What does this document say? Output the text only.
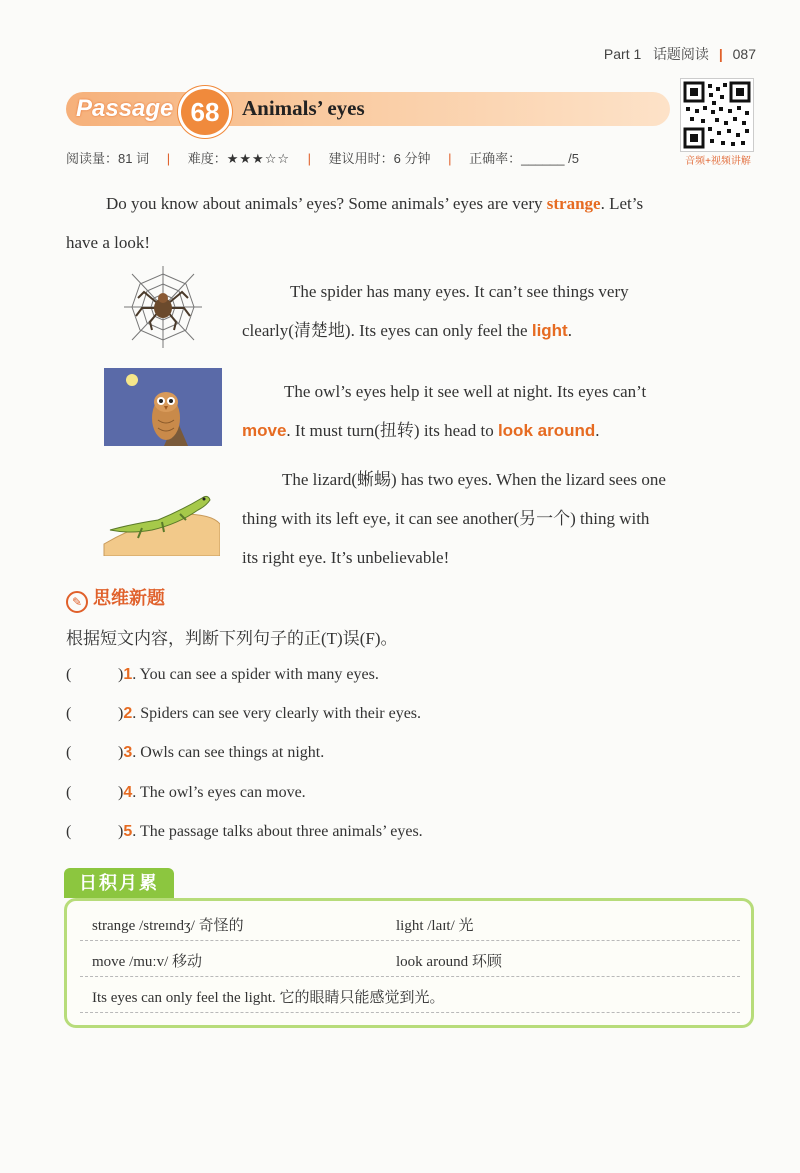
Part 1 话题阅读 | 087
Passage 68	Animals’ eyes
音频+视频讲解
阅读量：81 词 | 难度：★★★☆☆ | 建议用时：6 分钟 | 正确率：______ /5
Do you know about animals’ eyes? Some animals’ eyes are very strange. Let’s
have a look!
The spider has many eyes. It can’t see things very
clearly(清楚地). Its eyes can only feel the light.
The owl’s eyes help it see well at night. Its eyes can’t
move. It must turn(扭转) its head to look around.
The lizard(蜥蜴) has two eyes. When the lizard sees one
thing with its left eye, it can see another(另一个) thing with
its right eye. It’s unbelievable!
✎ 思维新题
根据短文内容，判断下列句子的正(T)误(F)。
(	)1. You can see a spider with many eyes.
(	)2. Spiders can see very clearly with their eyes.
(	)3. Owls can see things at night.
(	)4. The owl’s eyes can move.
(	)5. The passage talks about three animals’ eyes.
日积月累
strange /streɪndʒ/ 奇怪的	light /laɪt/ 光
move /muːv/ 移动	look around 环顾
Its eyes can only feel the light. 它的眼睛只能感觉到光。
